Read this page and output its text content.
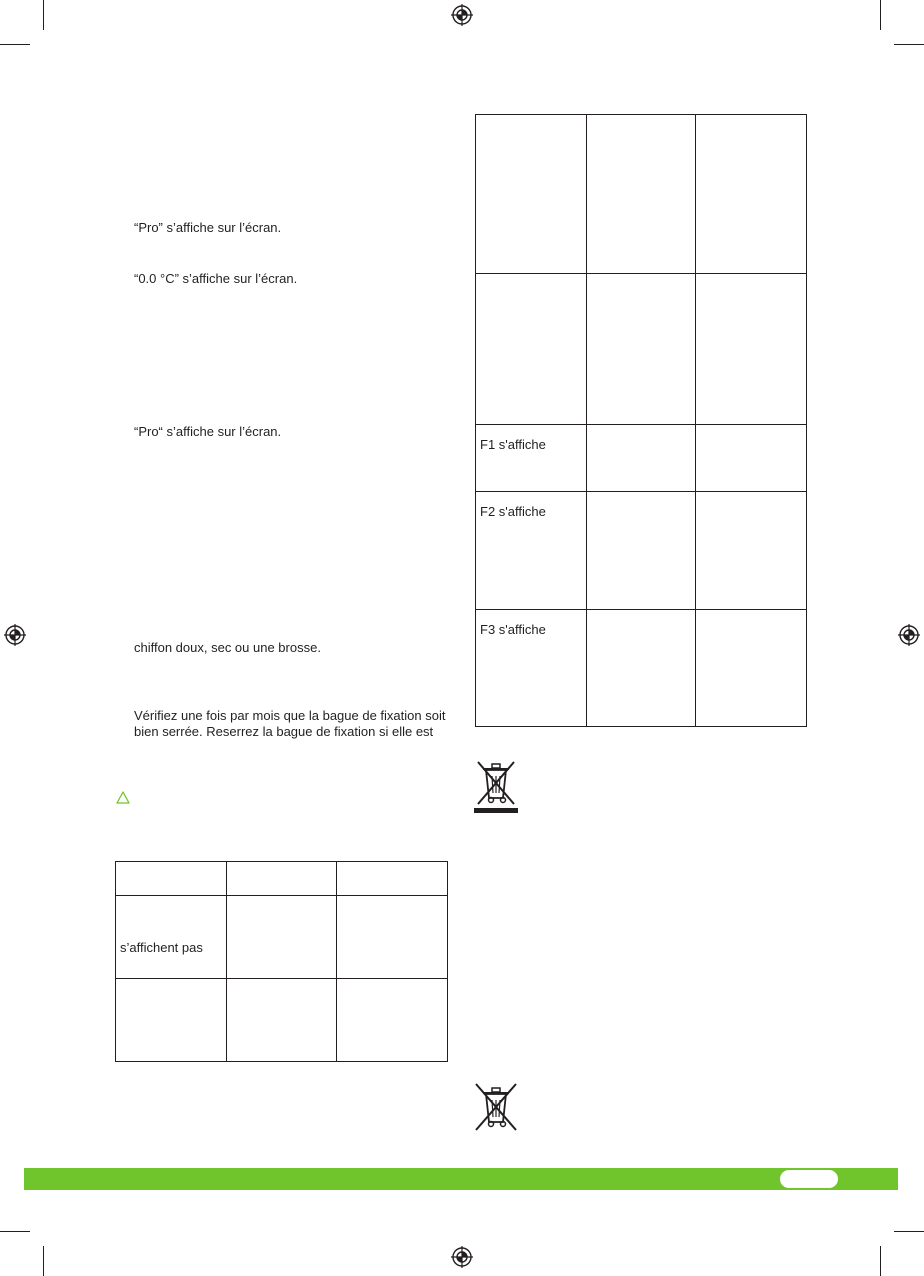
“Pro” s’affiche sur l’écran.
“0.0 °C” s’affiche sur l’écran.
“Pro“ s’affiche sur l’écran.
chiffon doux, sec ou une brosse.
Vérifiez une fois par mois que la bague de fixation soit
bien serrée. Reserrez la bague de fixation si elle est

s’affichent pas		

F1 s'affiche		

F2 s'affiche		

F3 s'affiche		
